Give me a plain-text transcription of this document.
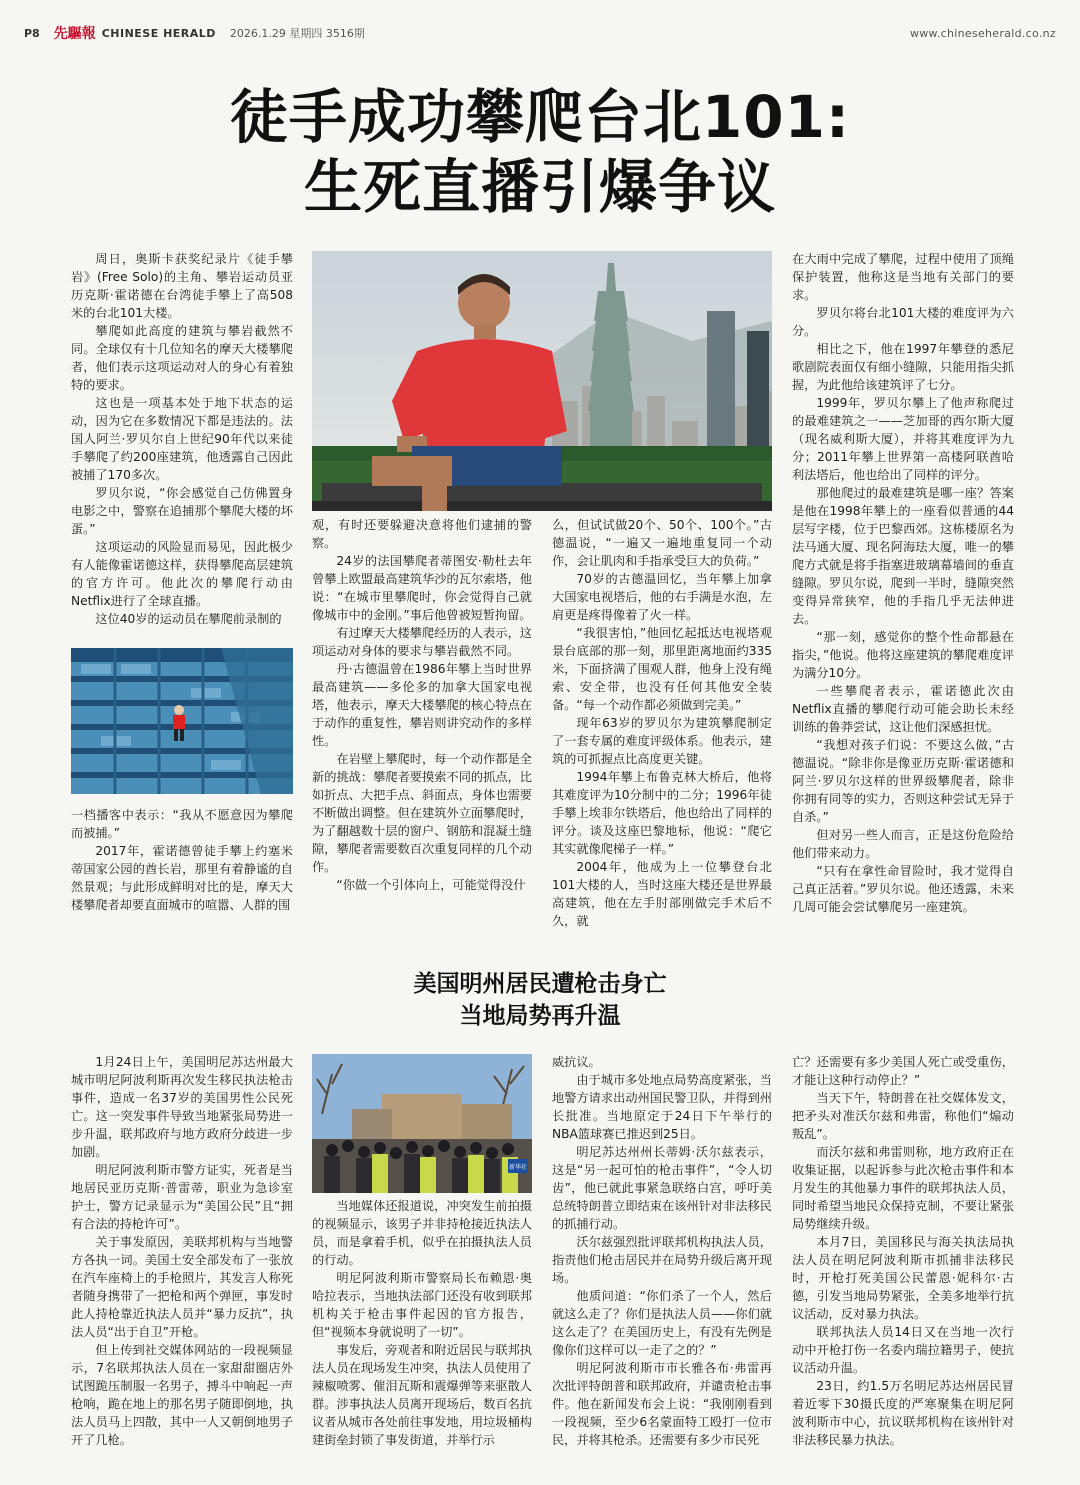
P8 先驅報 CHINESE HERALD 2026.1.29 星期四 3516期	www.chineseherald.co.nz
徒手成功攀爬台北101:
生死直播引爆争议

周日，奥斯卡获奖纪录片《徒手攀岩》(Free Solo)的主角、攀岩运动员亚历克斯·霍诺德在台湾徒手攀上了高508米的台北101大楼。

攀爬如此高度的建筑与攀岩截然不同。全球仅有十几位知名的摩天大楼攀爬者，他们表示这项运动对人的身心有着独特的要求。

这也是一项基本处于地下状态的运动，因为它在多数情况下都是违法的。法国人阿兰·罗贝尔自上世纪90年代以来徒手攀爬了约200座建筑，他透露自己因此被捕了170多次。

罗贝尔说，“你会感觉自己仿佛置身电影之中，警察在追捕那个攀爬大楼的坏蛋。”

这项运动的风险显而易见，因此极少有人能像霍诺德这样，获得攀爬高层建筑的官方许可。他此次的攀爬行动由Netflix进行了全球直播。

这位40岁的运动员在攀爬前录制的

一档播客中表示：“我从不愿意因为攀爬而被捕。”

2017年，霍诺德曾徒手攀上约塞米蒂国家公园的酋长岩，那里有着静谧的自然景观；与此形成鲜明对比的是，摩天大楼攀爬者却要直面城市的喧嚣、人群的围

观，有时还要躲避决意将他们逮捕的警察。

24岁的法国攀爬者蒂图安·勒杜去年曾攀上欧盟最高建筑华沙的瓦尔索塔，他说：“在城市里攀爬时，你会觉得自己就像城市中的金刚。”事后他曾被短暂拘留。

有过摩天大楼攀爬经历的人表示，这项运动对身体的要求与攀岩截然不同。

丹·古德温曾在1986年攀上当时世界最高建筑——多伦多的加拿大国家电视塔，他表示，摩天大楼攀爬的核心特点在于动作的重复性，攀岩则讲究动作的多样性。

在岩壁上攀爬时，每一个动作都是全新的挑战：攀爬者要摸索不同的抓点，比如折点、大把手点、斜面点，身体也需要不断做出调整。但在建筑外立面攀爬时，为了翻越数十层的窗户、钢筋和混凝土缝隙，攀爬者需要数百次重复同样的几个动作。

“你做一个引体向上，可能觉得没什

么，但试试做20个、50个、100个。”古德温说，“一遍又一遍地重复同一个动作，会让肌肉和手指承受巨大的负荷。”

70岁的古德温回忆，当年攀上加拿大国家电视塔后，他的右手满是水泡，左肩更是疼得像着了火一样。

“我很害怕，”他回忆起抵达电视塔观景台底部的那一刻，那里距离地面约335米，下面挤满了围观人群，他身上没有绳索、安全带，也没有任何其他安全装备。“每一个动作都必须做到完美。”

现年63岁的罗贝尔为建筑攀爬制定了一套专属的难度评级体系。他表示，建筑的可抓握点比高度更关键。

1994年攀上布鲁克林大桥后，他将其难度评为10分制中的二分；1996年徒手攀上埃菲尔铁塔后，他也给出了同样的评分。谈及这座巴黎地标，他说：“爬它其实就像爬梯子一样。”

2004年，他成为上一位攀登台北101大楼的人，当时这座大楼还是世界最高建筑，他在左手肘部刚做完手术后不久，就

在大雨中完成了攀爬，过程中使用了顶绳保护装置，他称这是当地有关部门的要求。

罗贝尔将台北101大楼的难度评为六分。

相比之下，他在1997年攀登的悉尼歌剧院表面仅有细小缝隙，只能用指尖抓握，为此他给该建筑评了七分。

1999年，罗贝尔攀上了他声称爬过的最难建筑之一——芝加哥的西尔斯大厦（现名威利斯大厦），并将其难度评为九分；2011年攀上世界第一高楼阿联酋哈利法塔后，他也给出了同样的评分。

那他爬过的最难建筑是哪一座？答案是他在1998年攀上的一座看似普通的44层写字楼，位于巴黎西郊。这栋楼原名为法马通大厦、现名阿海珐大厦，唯一的攀爬方式就是将手指塞进玻璃幕墙间的垂直缝隙。罗贝尔说，爬到一半时，缝隙突然变得异常狭窄，他的手指几乎无法伸进去。

“那一刻，感觉你的整个性命都悬在指尖，”他说。他将这座建筑的攀爬难度评为满分10分。

一些攀爬者表示，霍诺德此次由Netflix直播的攀爬行动可能会助长未经训练的鲁莽尝试，这让他们深感担忧。

“我想对孩子们说：不要这么做，”古德温说。“除非你是像亚历克斯·霍诺德和阿兰·罗贝尔这样的世界级攀爬者，除非你拥有同等的实力，否则这种尝试无异于自杀。”

但对另一些人而言，正是这份危险给他们带来动力。

“只有在拿性命冒险时，我才觉得自己真正活着。”罗贝尔说。他还透露，未来几周可能会尝试攀爬另一座建筑。

美国明州居民遭枪击身亡
当地局势再升温

1月24日上午，美国明尼苏达州最大城市明尼阿波利斯再次发生移民执法枪击事件，造成一名37岁的美国男性公民死亡。这一突发事件导致当地紧张局势进一步升温，联邦政府与地方政府分歧进一步加剧。

明尼阿波利斯市警方证实，死者是当地居民亚历克斯·普雷蒂，职业为急诊室护士，警方记录显示为“美国公民”且“拥有合法的持枪许可”。

关于事发原因，美联邦机构与当地警方各执一词。美国土安全部发布了一张放在汽车座椅上的手枪照片，其发言人称死者随身携带了一把枪和两个弹匣，事发时此人持枪靠近执法人员并“暴力反抗”，执法人员“出于自卫”开枪。

但上传到社交媒体网站的一段视频显示，7名联邦执法人员在一家甜甜圈店外试图跪压制服一名男子，搏斗中响起一声枪响，跪在地上的那名男子随即倒地，执法人员马上四散，其中一人又朝倒地男子开了几枪。

新华社

当地媒体还报道说，冲突发生前拍摄的视频显示，该男子并非持枪接近执法人员，而是拿着手机，似乎在拍摄执法人员的行动。

明尼阿波利斯市警察局长布赖恩·奥哈拉表示，当地执法部门还没有收到联邦机构关于枪击事件起因的官方报告，但“视频本身就说明了一切”。

事发后，旁观者和附近居民与联邦执法人员在现场发生冲突，执法人员使用了辣椒喷雾、催泪瓦斯和震爆弹等来驱散人群。涉事执法人员离开现场后，数百名抗议者从城市各处前往事发地，用垃圾桶构建街垒封锁了事发街道，并举行示

威抗议。

由于城市多处地点局势高度紧张，当地警方请求出动州国民警卫队，并得到州长批准。当地原定于24日下午举行的NBA篮球赛已推迟到25日。

明尼苏达州州长蒂姆·沃尔兹表示，这是“另一起可怕的枪击事件”，“令人切齿”，他已就此事紧急联络白宫，呼吁美总统特朗普立即结束在该州针对非法移民的抓捕行动。

沃尔兹强烈批评联邦机构执法人员，指责他们枪击居民并在局势升级后离开现场。

他质问道：“你们杀了一个人，然后就这么走了？你们是执法人员——你们就这么走了？在美国历史上，有没有先例是像你们这样可以一走了之的？”

明尼阿波利斯市市长雅各布·弗雷再次批评特朗普和联邦政府，并谴责枪击事件。他在新闻发布会上说：“我刚刚看到一段视频，至少6名蒙面特工殴打一位市民，并将其枪杀。还需要有多少市民死

亡？还需要有多少美国人死亡或受重伤，才能让这种行动停止？”

当天下午，特朗普在社交媒体发文，把矛头对准沃尔兹和弗雷，称他们“煽动叛乱”。

而沃尔兹和弗雷则称，地方政府正在收集证据，以起诉参与此次枪击事件和本月发生的其他暴力事件的联邦执法人员，同时希望当地民众保持克制，不要让紧张局势继续升级。

本月7日，美国移民与海关执法局执法人员在明尼阿波利斯市抓捕非法移民时，开枪打死美国公民蕾恩·妮科尔·古德，引发当地局势紧张，全美多地举行抗议活动，反对暴力执法。

联邦执法人员14日又在当地一次行动中开枪打伤一名委内瑞拉籍男子，使抗议活动升温。

23日，约1.5万名明尼苏达州居民冒着近零下30摄氏度的严寒聚集在明尼阿波利斯市中心，抗议联邦机构在该州针对非法移民暴力执法。
